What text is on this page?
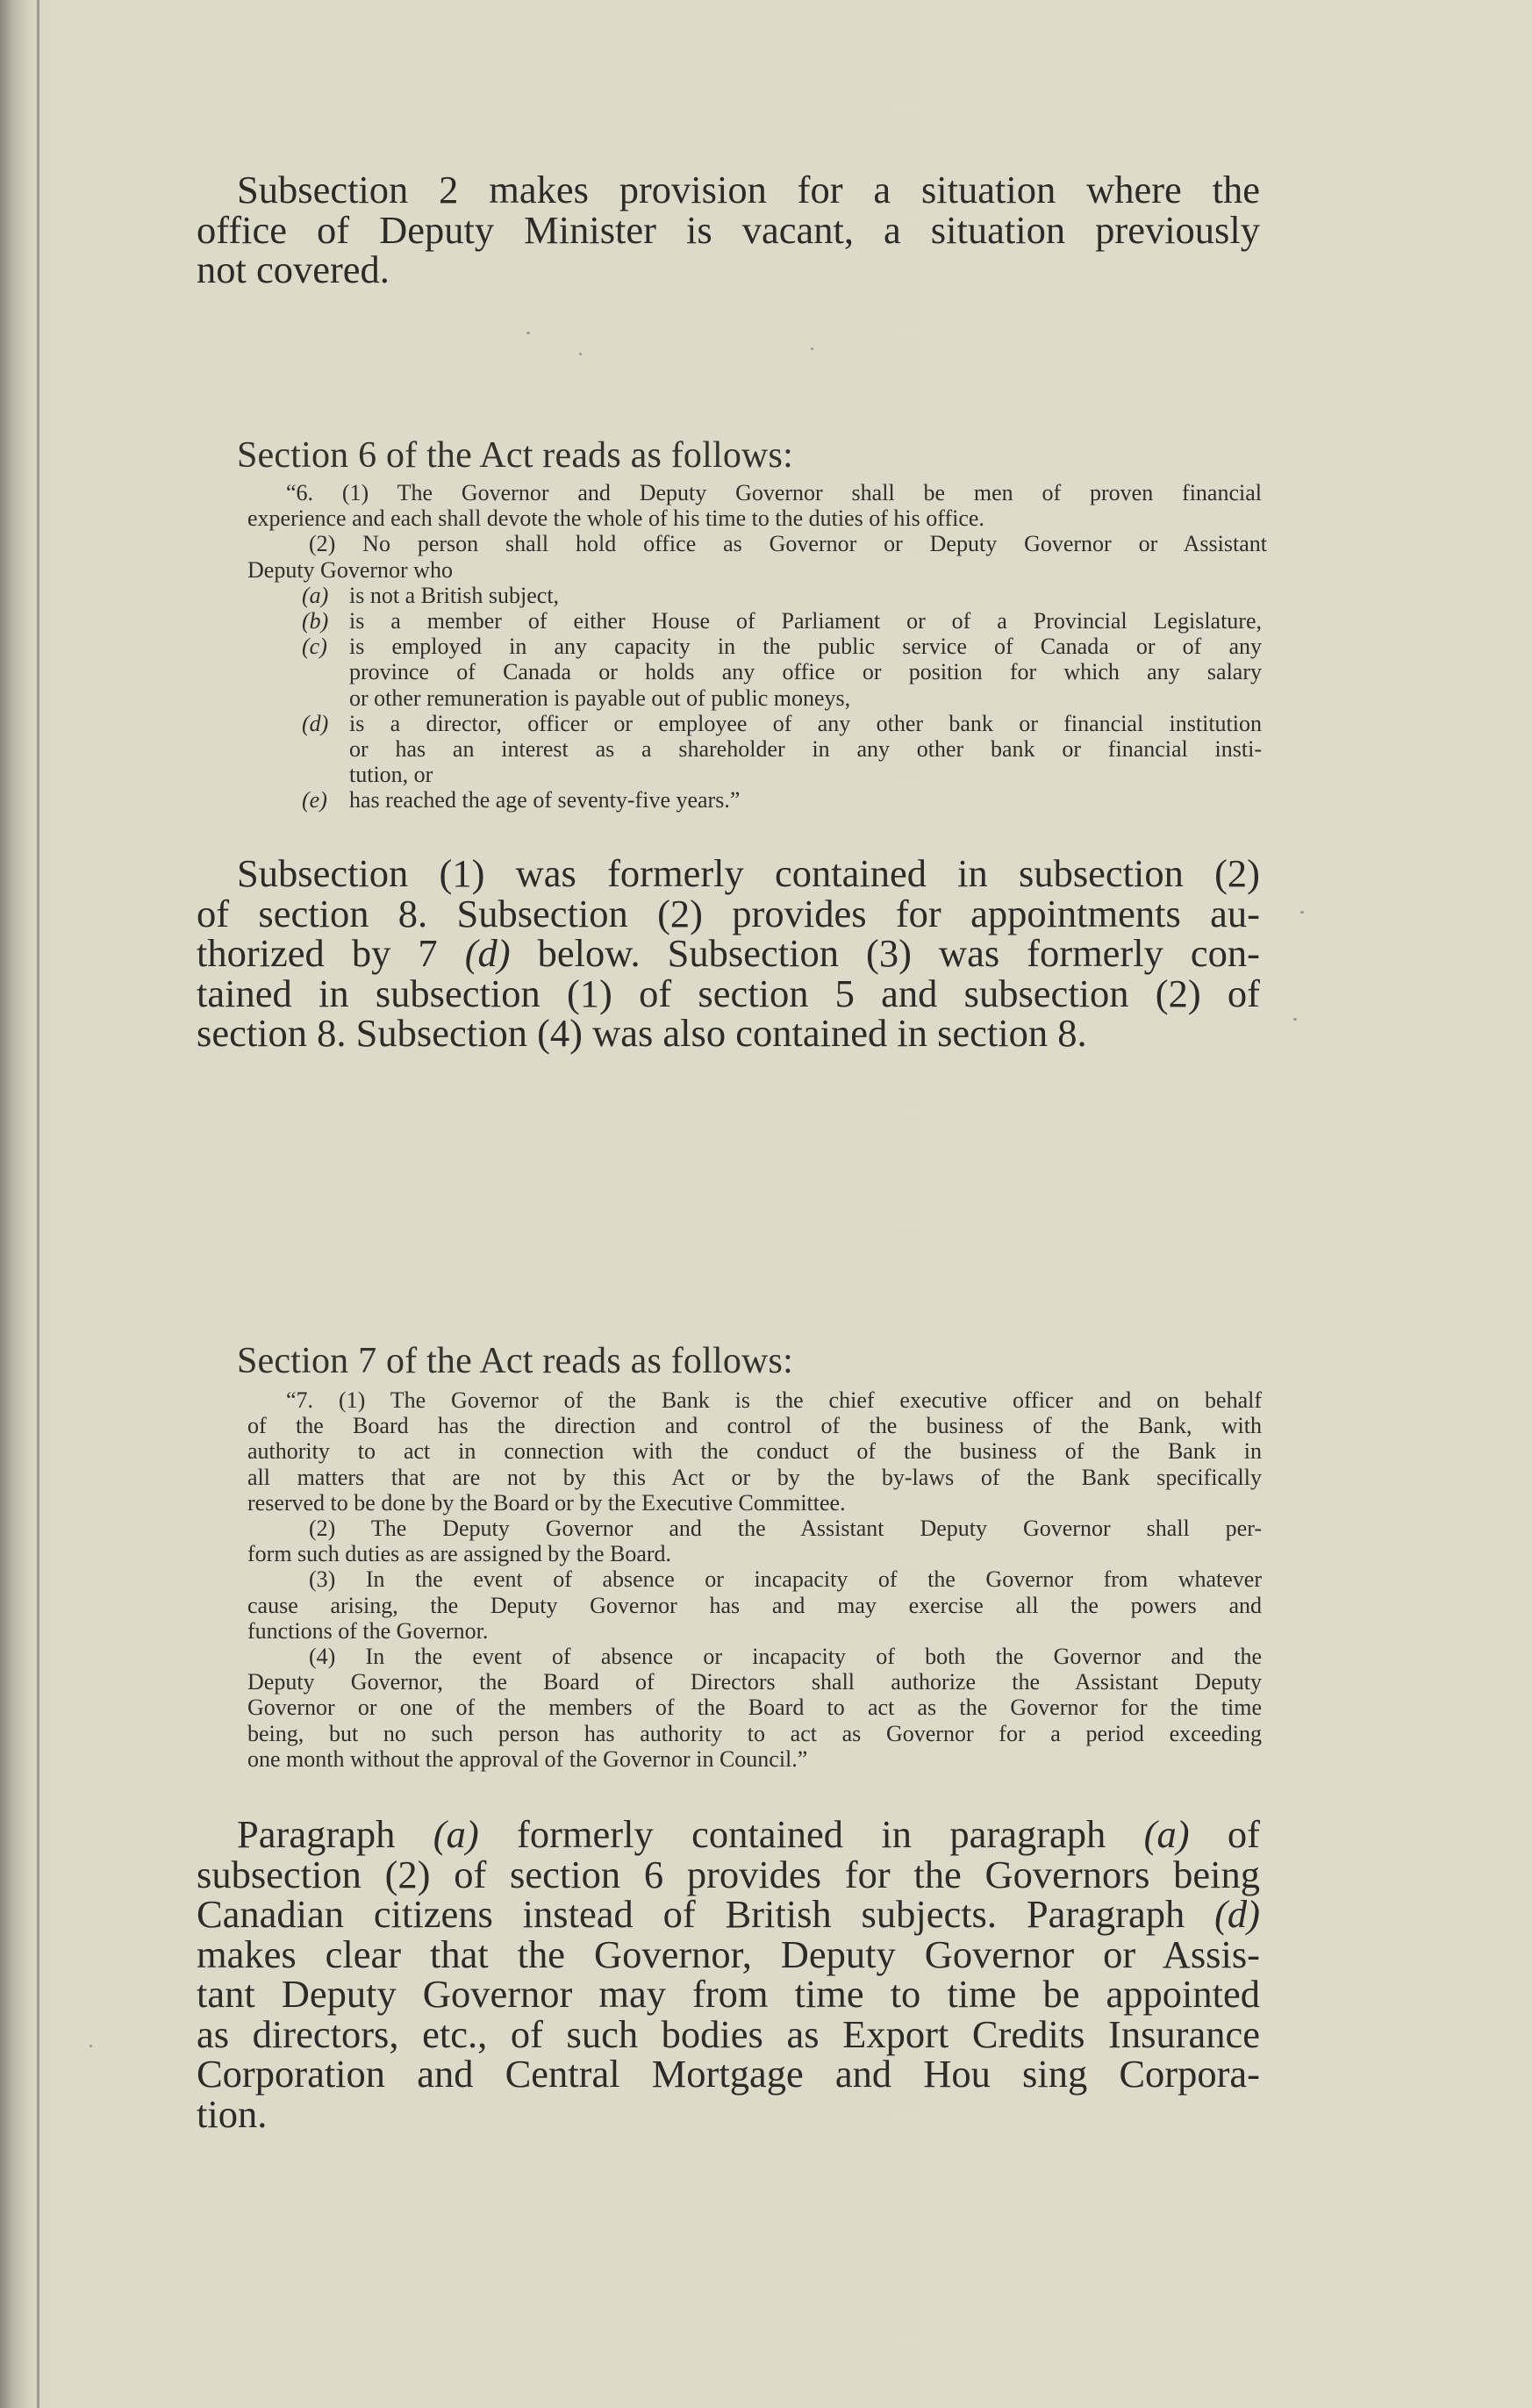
Subsection 2 makes provision for a situation where the
office of Deputy Minister is vacant, a situation previously
not covered.
Section 6 of the Act reads as follows:
“6. (1) The Governor and Deputy Governor shall be men of proven financial
experience and each shall devote the whole of his time to the duties of his office.
(2) No person shall hold office as Governor or Deputy Governor or Assistant
Deputy Governor who
(a) is not a British subject,
(b) is a member of either House of Parliament or of a Provincial Legislature,
(c) is employed in any capacity in the public service of Canada or of any
province of Canada or holds any office or position for which any salary
or other remuneration is payable out of public moneys,
(d) is a director, officer or employee of any other bank or financial institution
or has an interest as a shareholder in any other bank or financial insti-
tution, or
(e) has reached the age of seventy-five years.”
Subsection (1) was formerly contained in subsection (2)
of section 8. Subsection (2) provides for appointments au-
thorized by 7 (d) below. Subsection (3) was formerly con-
tained in subsection (1) of section 5 and subsection (2) of
section 8. Subsection (4) was also contained in section 8.
Section 7 of the Act reads as follows:
“7. (1) The Governor of the Bank is the chief executive officer and on behalf
of the Board has the direction and control of the business of the Bank, with
authority to act in connection with the conduct of the business of the Bank in
all matters that are not by this Act or by the by-laws of the Bank specifically
reserved to be done by the Board or by the Executive Committee.
(2) The Deputy Governor and the Assistant Deputy Governor shall per-
form such duties as are assigned by the Board.
(3) In the event of absence or incapacity of the Governor from whatever
cause arising, the Deputy Governor has and may exercise all the powers and
functions of the Governor.
(4) In the event of absence or incapacity of both the Governor and the
Deputy Governor, the Board of Directors shall authorize the Assistant Deputy
Governor or one of the members of the Board to act as the Governor for the time
being, but no such person has authority to act as Governor for a period exceeding
one month without the approval of the Governor in Council.”
Paragraph (a) formerly contained in paragraph (a) of
subsection (2) of section 6 provides for the Governors being
Canadian citizens instead of British subjects. Paragraph (d)
makes clear that the Governor, Deputy Governor or Assis-
tant Deputy Governor may from time to time be appointed
as directors, etc., of such bodies as Export Credits Insurance
Corporation and Central Mortgage and Hou sing Corpora-
tion.
